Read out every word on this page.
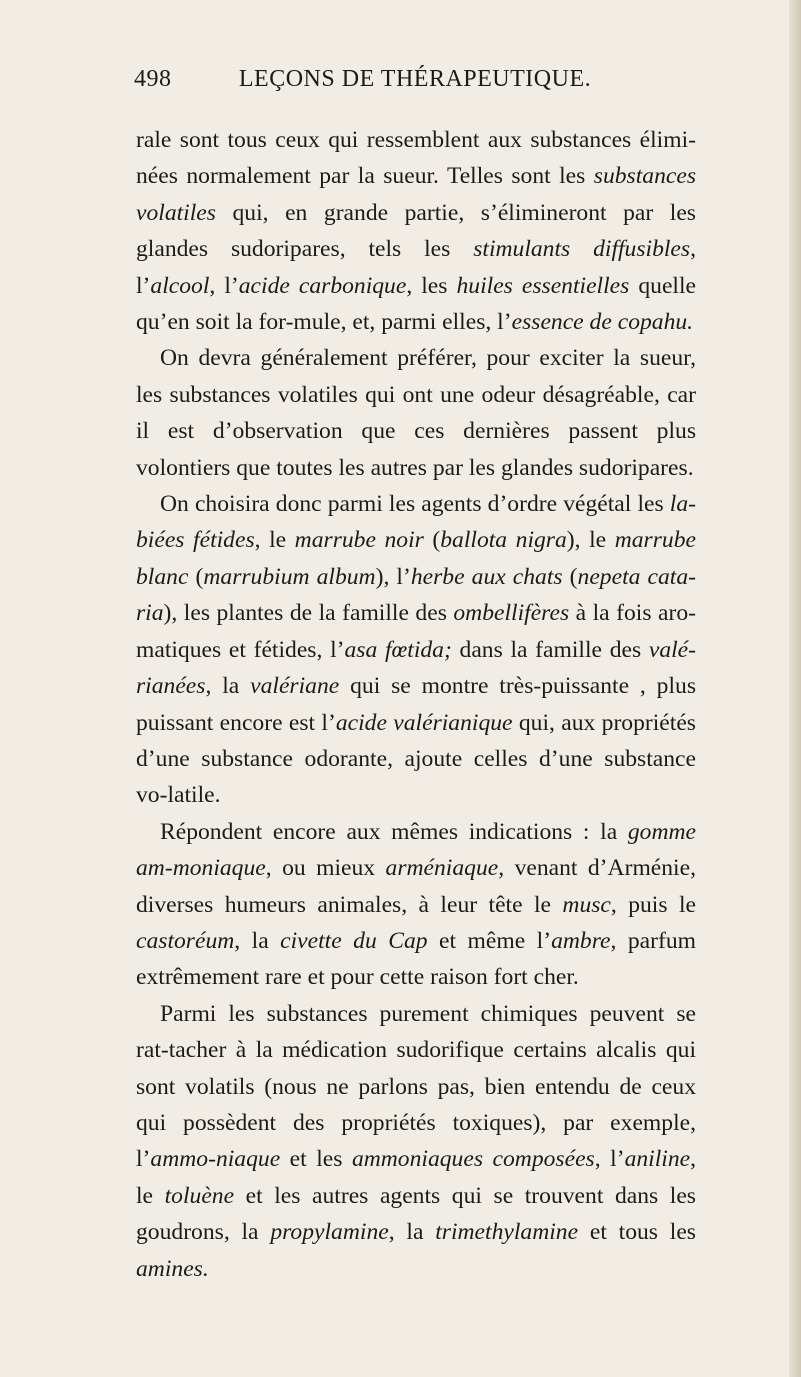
498	LEÇONS DE THÉRAPEUTIQUE.

rale sont tous ceux qui ressemblent aux substances élimi-nées normalement par la sueur. Telles sont les substances volatiles qui, en grande partie, s’élimineront par les glandes sudoripares, tels les stimulants diffusibles, l’alcool, l’acide carbonique, les huiles essentielles quelle qu’en soit la for-mule, et, parmi elles, l’essence de copahu.

On devra généralement préférer, pour exciter la sueur, les substances volatiles qui ont une odeur désagréable, car il est d’observation que ces dernières passent plus volontiers que toutes les autres par les glandes sudoripares.

On choisira donc parmi les agents d’ordre végétal les la-biées fétides, le marrube noir (ballota nigra), le marrube blanc (marrubium album), l’herbe aux chats (nepeta cata-ria), les plantes de la famille des ombellifères à la fois aro-matiques et fétides, l’asa fœtida; dans la famille des valé-rianées, la valériane qui se montre très-puissante , plus puissant encore est l’acide valérianique qui, aux propriétés d’une substance odorante, ajoute celles d’une substance vo-latile.

Répondent encore aux mêmes indications : la gomme am-moniaque, ou mieux arméniaque, venant d’Arménie, diverses humeurs animales, à leur tête le musc, puis le castoréum, la civette du Cap et même l’ambre, parfum extrêmement rare et pour cette raison fort cher.

Parmi les substances purement chimiques peuvent se rat-tacher à la médication sudorifique certains alcalis qui sont volatils (nous ne parlons pas, bien entendu de ceux qui possèdent des propriétés toxiques), par exemple, l’ammo-niaque et les ammoniaques composées, l’aniline, le toluène et les autres agents qui se trouvent dans les goudrons, la propylamine, la trimethylamine et tous les amines.
